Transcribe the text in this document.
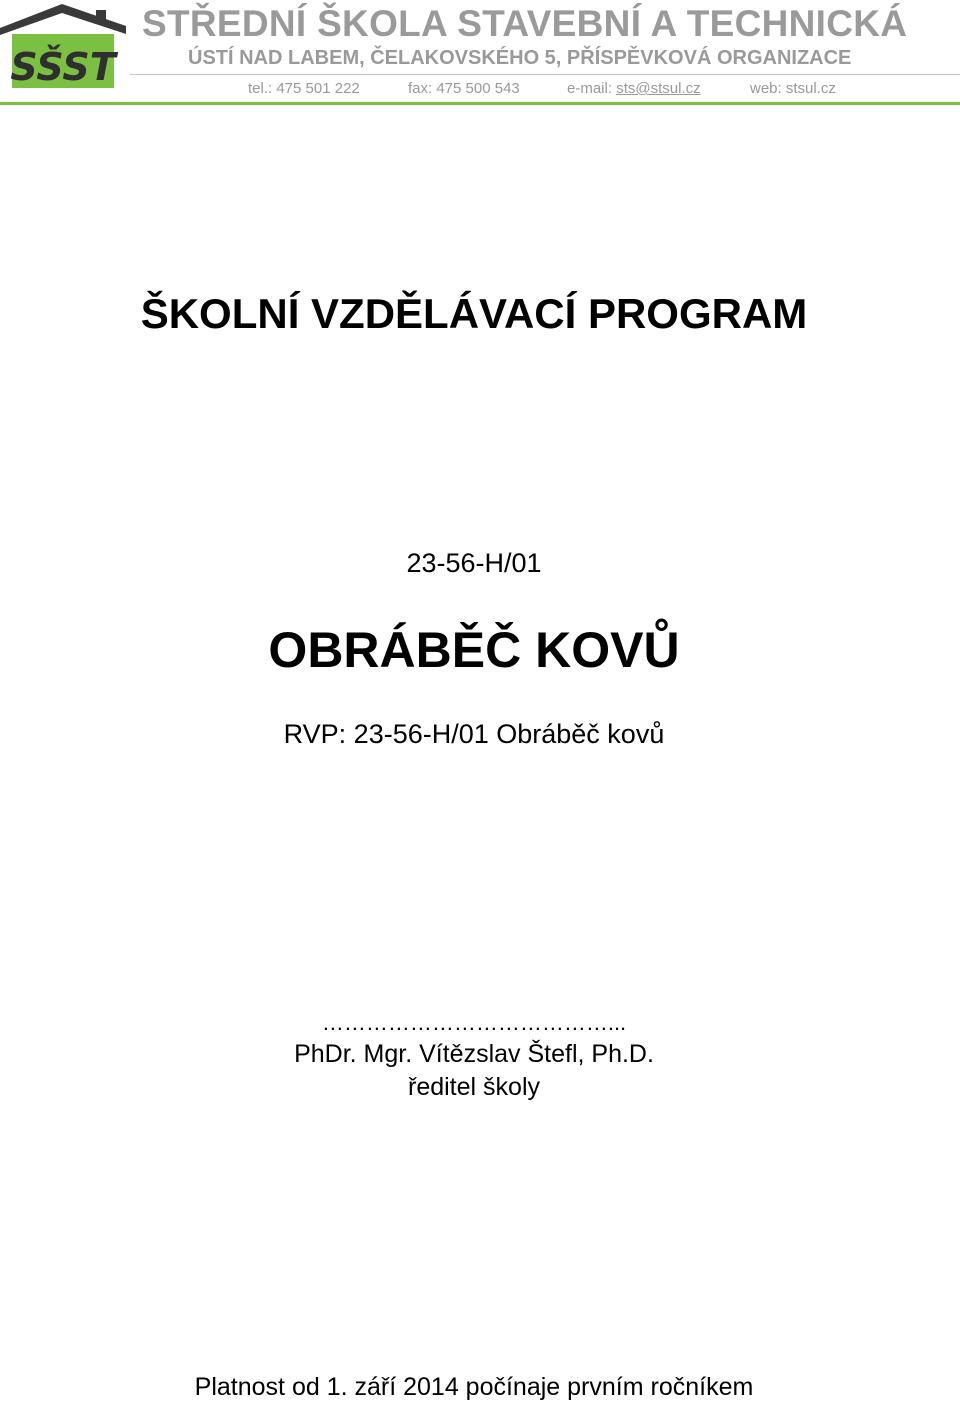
SŠST
STŘEDNÍ ŠKOLA STAVEBNÍ A TECHNICKÁ
ÚSTÍ NAD LABEM, ČELAKOVSKÉHO 5, PŘÍSPĚVKOVÁ ORGANIZACE
tel.: 475 501 222	fax: 475 500 543	e-mail: sts@stsul.cz	web: stsul.cz
ŠKOLNÍ VZDĚLÁVACÍ PROGRAM
23-56-H/01
OBRÁBĚČ KOVŮ
RVP: 23-56-H/01 Obráběč kovů
…………………………………...
PhDr. Mgr. Vítězslav Štefl, Ph.D.
ředitel školy
Platnost od 1. září 2014 počínaje prvním ročníkem
